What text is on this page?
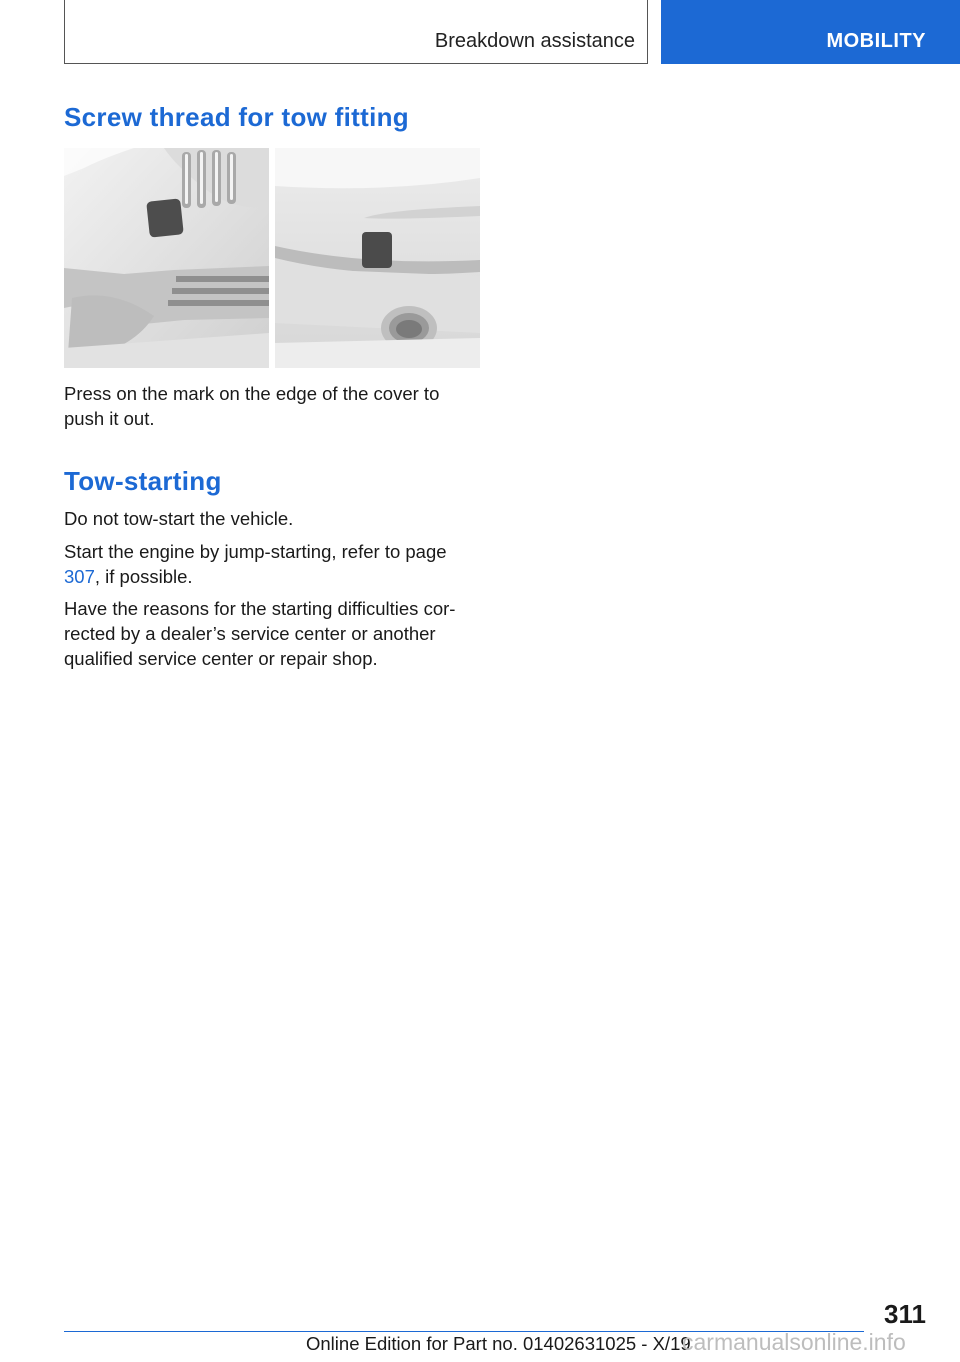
Breakdown assistance	MOBILITY
Screw thread for tow fitting

Press on the mark on the edge of the cover to push it out.

Tow-starting

Do not tow-start the vehicle.

Start the engine by jump-starting, refer to page 307, if possible.

Have the reasons for the starting difficulties cor-rected by a dealer’s service center or another qualified service center or repair shop.

311
Online Edition for Part no. 01402631025 - X/19
carmanualsonline.info
